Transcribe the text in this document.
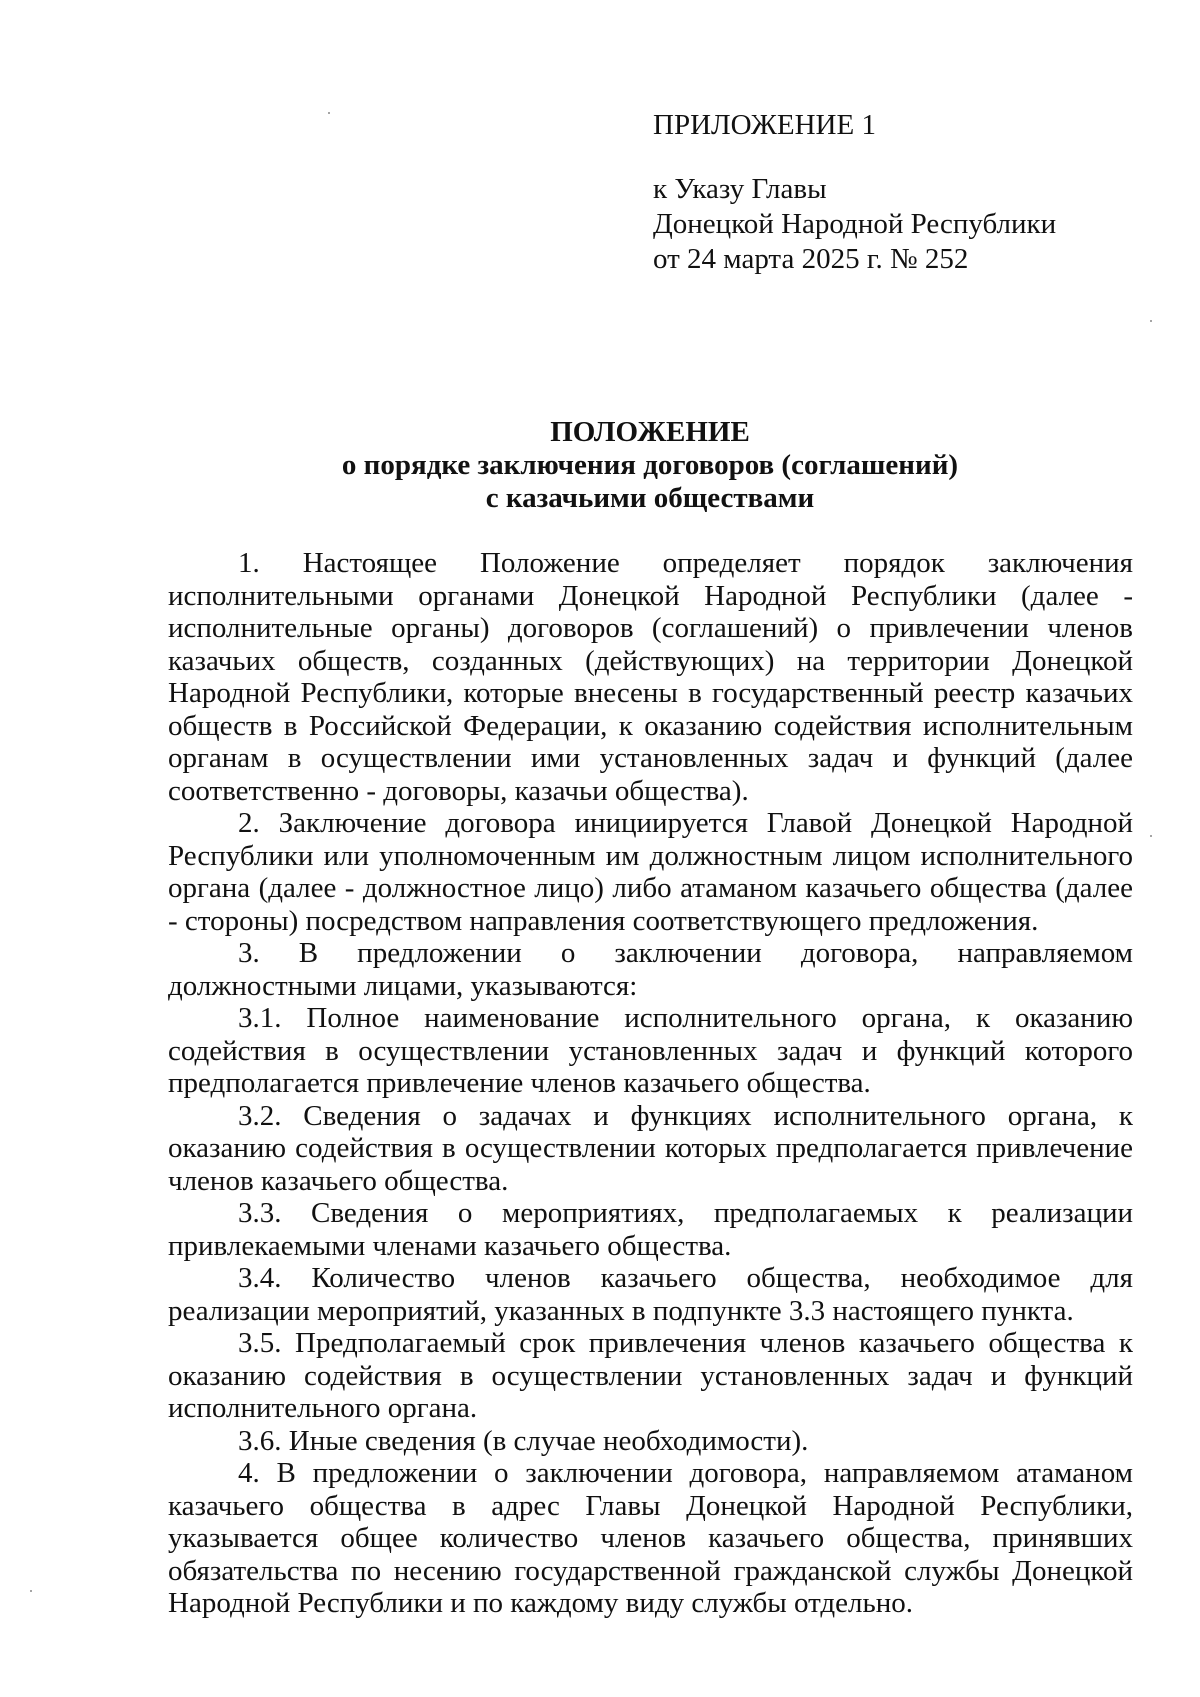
ПРИЛОЖЕНИЕ 1
к Указу Главы
Донецкой Народной Республики
от 24 марта 2025 г. № 252
ПОЛОЖЕНИЕ
о порядке заключения договоров (соглашений)
с казачьими обществами

1. Настоящее Положение определяет порядок заключения исполнительными органами Донецкой Народной Республики (далее - исполнительные органы) договоров (соглашений) о привлечении членов казачьих обществ, созданных (действующих) на территории Донецкой Народной Республики, которые внесены в государственный реестр казачьих обществ в Российской Федерации, к оказанию содействия исполнительным органам в осуществлении ими установленных задач и функций (далее соответственно - договоры, казачьи общества).

2. Заключение договора инициируется Главой Донецкой Народной Республики или уполномоченным им должностным лицом исполнительного органа (далее - должностное лицо) либо атаманом казачьего общества (далее - стороны) посредством направления соответствующего предложения.

3. В предложении о заключении договора, направляемом должностными лицами, указываются:

3.1. Полное наименование исполнительного органа, к оказанию содействия в осуществлении установленных задач и функций которого предполагается привлечение членов казачьего общества.

3.2. Сведения о задачах и функциях исполнительного органа, к оказанию содействия в осуществлении которых предполагается привлечение членов казачьего общества.

3.3. Сведения о мероприятиях, предполагаемых к реализации привлекаемыми членами казачьего общества.

3.4. Количество членов казачьего общества, необходимое для реализации мероприятий, указанных в подпункте 3.3 настоящего пункта.

3.5. Предполагаемый срок привлечения членов казачьего общества к оказанию содействия в осуществлении установленных задач и функций исполнительного органа.

3.6. Иные сведения (в случае необходимости).

4. В предложении о заключении договора, направляемом атаманом казачьего общества в адрес Главы Донецкой Народной Республики, указывается общее количество членов казачьего общества, принявших обязательства по несению государственной гражданской службы Донецкой Народной Республики и по каждому виду службы отдельно.
